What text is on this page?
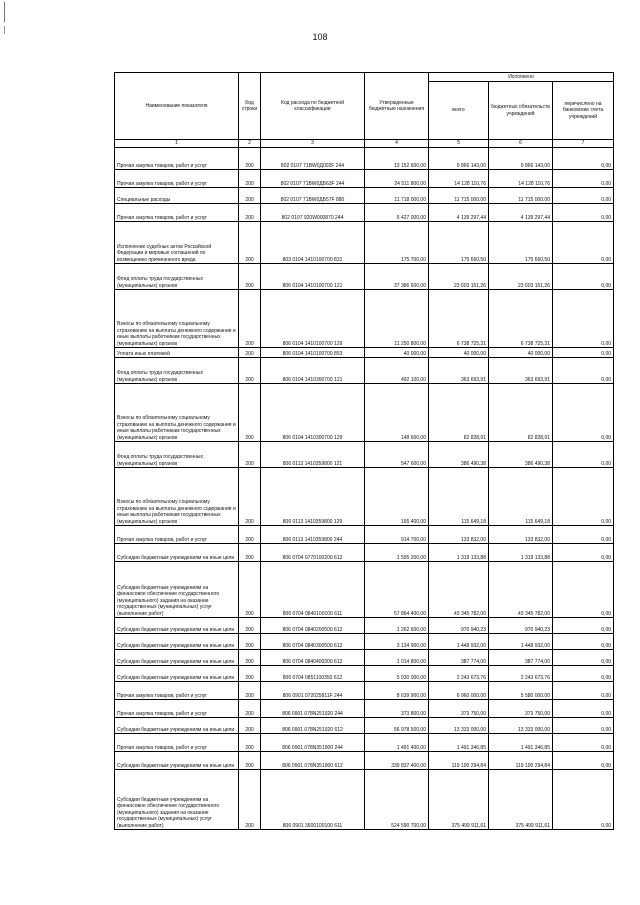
108
Наименование показателя	Код строки	Код расхода по бюджетной классификации	Утвержденные бюджетные назначения	Исполнено		
				всего	бюджетных обязательств учреждений	перечислено на банковские счета учреждений
1	2	3	4	5	6	7
Прочая закупка товаров, работ и услуг	200	802 0107 71ВW0Д002F 244	13 152 600,00	9 866 143,00	9 866 143,00	0,00
Прочая закупка товаров, работ и услуг	200	802 0107 71ВW0ДБ63F 244	24 511 800,00	14 128 110,76	14 128 110,76	0,00
Специальные расходы	200	802 0107 71ВW0ДБ57F 880	11 718 000,00	11 715 000,00	11 715 000,00	0,00
Прочая закупка товаров, работ и услуг	200	802 0107 920W000870 244	5 427 000,00	4 139 297,44	4 139 297,44	0,00
Исполнение судебных актов Российской Федерации и мировых соглашений по возмещению причиненного вреда	200	803 0104 1410100700 831	175 700,00	175 660,50	175 660,50	0,00
Фонд оплаты труда государственных (муниципальных) органов	200	806 0104 1410100700 121	37 386 600,00	23 603 151,26	23 603 151,26	0,00
Взносы по обязательному социальному страхованию на выплаты денежного содержания и иные выплаты работникам государственных (муниципальных) органов	200	806 0104 1410100700 129	11 250 800,00	6 738 725,31	6 738 725,31	0,00
Уплата иных платежей	200	806 0104 1410100700 853	40 000,00	40 000,00	40 000,00	0,00
Фонд оплаты труда государственных (муниципальных) органов	200	806 0104 1410300700 121	492 100,00	363 693,91	363 693,91	0,00
Взносы по обязательному социальному страхованию на выплаты денежного содержания и иные выплаты работникам государственных (муниципальных) органов	200	806 0104 1410300700 129	148 600,00	82 828,91	82 828,91	0,00
Фонд оплаты труда государственных (муниципальных) органов	200	806 0113 1410359800 121	547 600,00	386 490,38	386 490,38	0,00
Взносы по обязательному социальному страхованию на выплаты денежного содержания и иные выплаты работникам государственных (муниципальных) органов	200	806 0113 1410359800 129	165 400,00	115 649,18	115 649,18	0,00
Прочая закупка товаров, работ и услуг	200	806 0113 1410359800 244	914 700,00	133 832,00	133 832,00	0,00
Субсидии бюджетным учреждениям на иные цели	200	806 0704 0770100200 612	1 595 200,00	1 319 133,88	1 319 133,88	0,00
Субсидии бюджетным учреждениям на финансовое обеспечение государственного (муниципального) задания на оказание государственных (муниципальных) услуг (выполнение работ)	200	806 0704 0840100100 611	57 864 400,00	43 345 782,00	43 345 782,00	0,00
Субсидии бюджетным учреждениям на иные цели	200	806 0704 0840200500 612	1 262 600,00	970 940,23	970 940,23	0,00
Субсидии бюджетным учреждениям на иные цели	200	806 0704 0840300500 612	3 134 900,00	1 448 932,00	1 448 932,00	0,00
Субсидии бюджетным учреждениям на иные цели	200	806 0704 0840400300 612	1 014 800,00	387 774,00	387 774,00	0,00
Субсидии бюджетным учреждениям на иные цели	200	806 0704 0851100350 612	5 030 000,00	2 243 673,76	2 243 673,76	0,00
Прочая закупка товаров, работ и услуг	200	806 0901 072025811F 244	8 639 900,00	6 960 000,00	5 580 000,00	0,00
Прочая закупка товаров, работ и услуг	200	806 0901 078N251920 244	373 800,00	373 750,00	373 750,00	0,00
Субсидии бюджетным учреждениям на иные цели	200	806 0901 078N251920 612	56 978 500,00	13 333 000,00	13 333 000,00	0,00
Прочая закупка товаров, работ и услуг	200	806 0901 078N351900 244	1 491 400,00	1 491 346,85	1 491 346,85	0,00
Субсидии бюджетным учреждениям на иные цели	200	806 0901 078N351900 612	339 837 400,00	119 100 294,84	119 100 294,84	0,00
Субсидии бюджетным учреждениям на финансовое обеспечение государственного (муниципального) задания на оказание государственных (муниципальных) услуг (выполнение работ)	200	806 0901 3600100100 611	524 590 700,00	375 499 911,61	375 499 911,61	0,00
